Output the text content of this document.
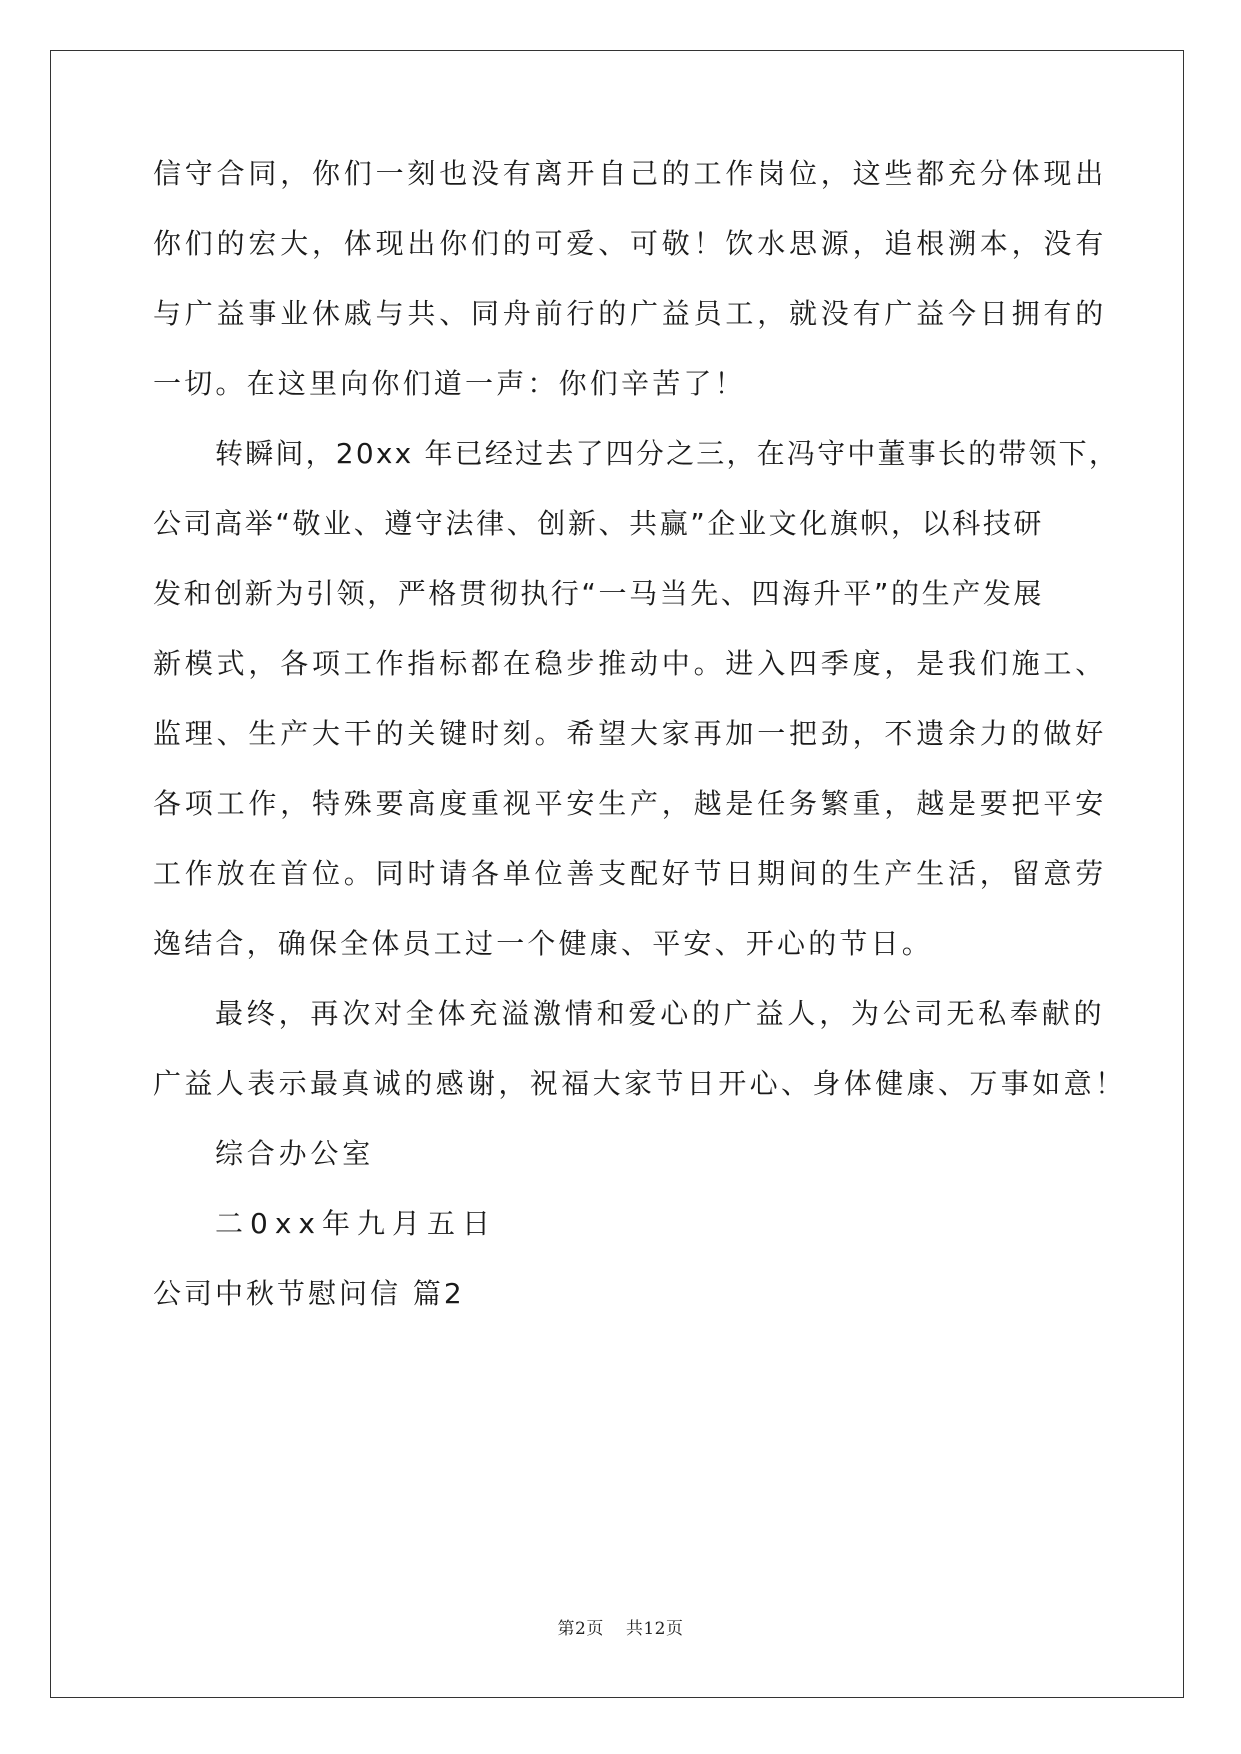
信守合同，你们一刻也没有离开自己的工作岗位，这些都充分体现出
你们的宏大，体现出你们的可爱、可敬！饮水思源，追根溯本，没有
与广益事业休戚与共、同舟前行的广益员工，就没有广益今日拥有的
一切。在这里向你们道一声：你们辛苦了！
转瞬间，20xx 年已经过去了四分之三，在冯守中董事长的带领下，
公司高举“敬业、遵守法律、创新、共赢”企业文化旗帜，以科技研
发和创新为引领，严格贯彻执行“一马当先、四海升平”的生产发展
新模式，各项工作指标都在稳步推动中。进入四季度，是我们施工、
监理、生产大干的关键时刻。希望大家再加一把劲，不遗余力的做好
各项工作，特殊要高度重视平安生产，越是任务繁重，越是要把平安
工作放在首位。同时请各单位善支配好节日期间的生产生活，留意劳
逸结合，确保全体员工过一个健康、平安、开心的节日。
最终，再次对全体充溢激情和爱心的广益人，为公司无私奉献的
广益人表示最真诚的感谢，祝福大家节日开心、身体健康、万事如意！
综合办公室
二0xx年九月五日
公司中秋节慰问信 篇2
第2页 共12页
